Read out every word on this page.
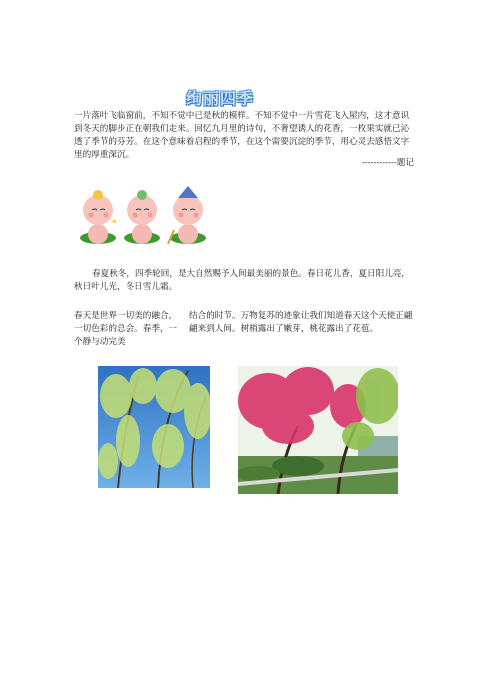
绚丽四季
一片落叶飞临窗前，不知不觉中已是秋的模样。不知不觉中一片雪花飞入屋内，这才意识到冬天的脚步正在朝我们走来。回忆九月里的诗句，不奢望诱人的花香，一枚果实就已沁透了季节的芬芳。在这个意味着启程的季节，在这个需要沉淀的季节，用心灵去感悟文字里的厚重深沉。
------------题记
春夏秋冬，四季轮回，是大自然赐予人间最美丽的景色。春日花儿香，夏日阳儿亮，秋日叶儿光，冬日雪儿霜。
春天是世界一切美的融合，一切色彩的总会。春季，一个静与动完美
结合的时节。万物复苏的迹象让我们知道春天这个天使正翩翩来到人间。树梢露出了嫩芽，桃花露出了花苞。
